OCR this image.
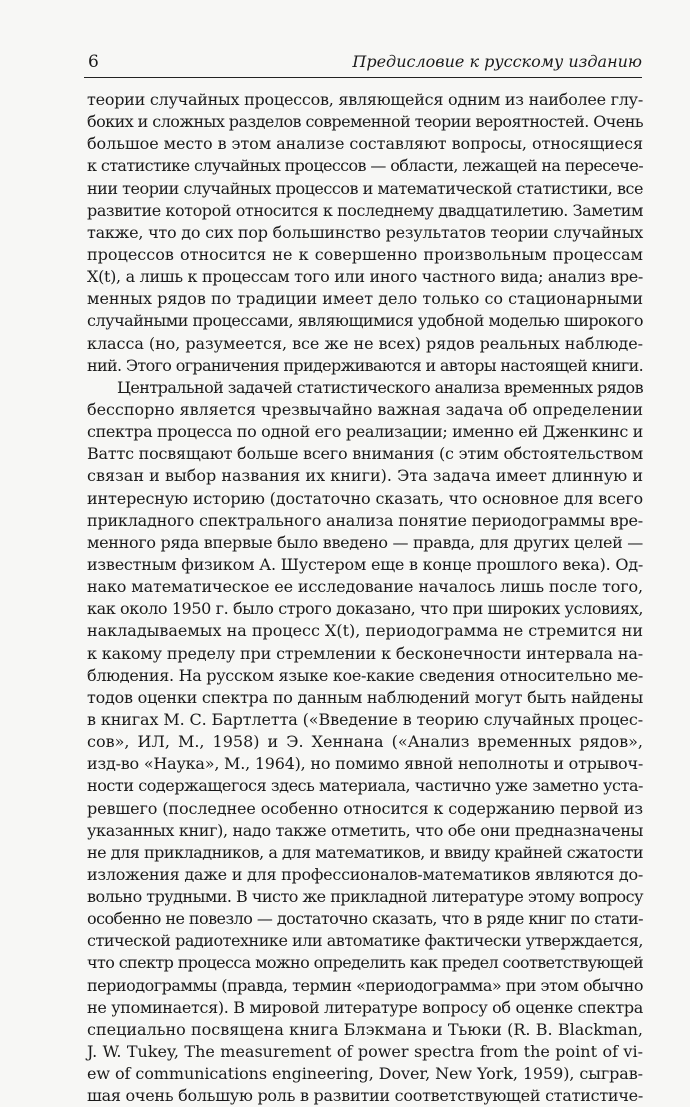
6	Предисловие к русскому изданию
теории случайных процессов, являющейся одним из наиболее глу-
боких и сложных разделов современной теории вероятностей. Очень
большое место в этом анализе составляют вопросы, относящиеся
к статистике случайных процессов — области, лежащей на пересече-
нии теории случайных процессов и математической статистики, все
развитие которой относится к последнему двадцатилетию. Заметим
также, что до сих пор большинство результатов теории случайных
процессов относится не к совершенно произвольным процессам
X(t), а лишь к процессам того или иного частного вида; анализ вре-
менных рядов по традиции имеет дело только со стационарными
случайными процессами, являющимися удобной моделью широкого
класса (но, разумеется, все же не всех) рядов реальных наблюде-
ний. Этого ограничения придерживаются и авторы настоящей книги.
Центральной задачей статистического анализа временных рядов
бесспорно является чрезвычайно важная задача об определении
спектра процесса по одной его реализации; именно ей Дженкинс и
Ваттс посвящают больше всего внимания (с этим обстоятельством
связан и выбор названия их книги). Эта задача имеет длинную и
интересную историю (достаточно сказать, что основное для всего
прикладного спектрального анализа понятие периодограммы вре-
менного ряда впервые было введено — правда, для других целей —
известным физиком А. Шустером еще в конце прошлого века). Од-
нако математическое ее исследование началось лишь после того,
как около 1950 г. было строго доказано, что при широких условиях,
накладываемых на процесс X(t), периодограмма не стремится ни
к какому пределу при стремлении к бесконечности интервала на-
блюдения. На русском языке кое-какие сведения относительно ме-
тодов оценки спектра по данным наблюдений могут быть найдены
в книгах М. С. Бартлетта («Введение в теорию случайных процес-
сов», ИЛ, М., 1958) и Э. Хеннана («Анализ временных рядов»,
изд-во «Наука», М., 1964), но помимо явной неполноты и отрывоч-
ности содержащегося здесь материала, частично уже заметно уста-
ревшего (последнее особенно относится к содержанию первой из
указанных книг), надо также отметить, что обе они предназначены
не для прикладников, а для математиков, и ввиду крайней сжатости
изложения даже и для профессионалов-математиков являются до-
вольно трудными. В чисто же прикладной литературе этому вопросу
особенно не повезло — достаточно сказать, что в ряде книг по стати-
стической радиотехнике или автоматике фактически утверждается,
что спектр процесса можно определить как предел соответствующей
периодограммы (правда, термин «периодограмма» при этом обычно
не упоминается). В мировой литературе вопросу об оценке спектра
специально посвящена книга Блэкмана и Тьюки (R. B. Blackman,
J. W. Tukey, The measurement of power spectra from the point of vi-
ew of communications engineering, Dover, New York, 1959), сыграв-
шая очень большую роль в развитии соответствующей статистиче-
